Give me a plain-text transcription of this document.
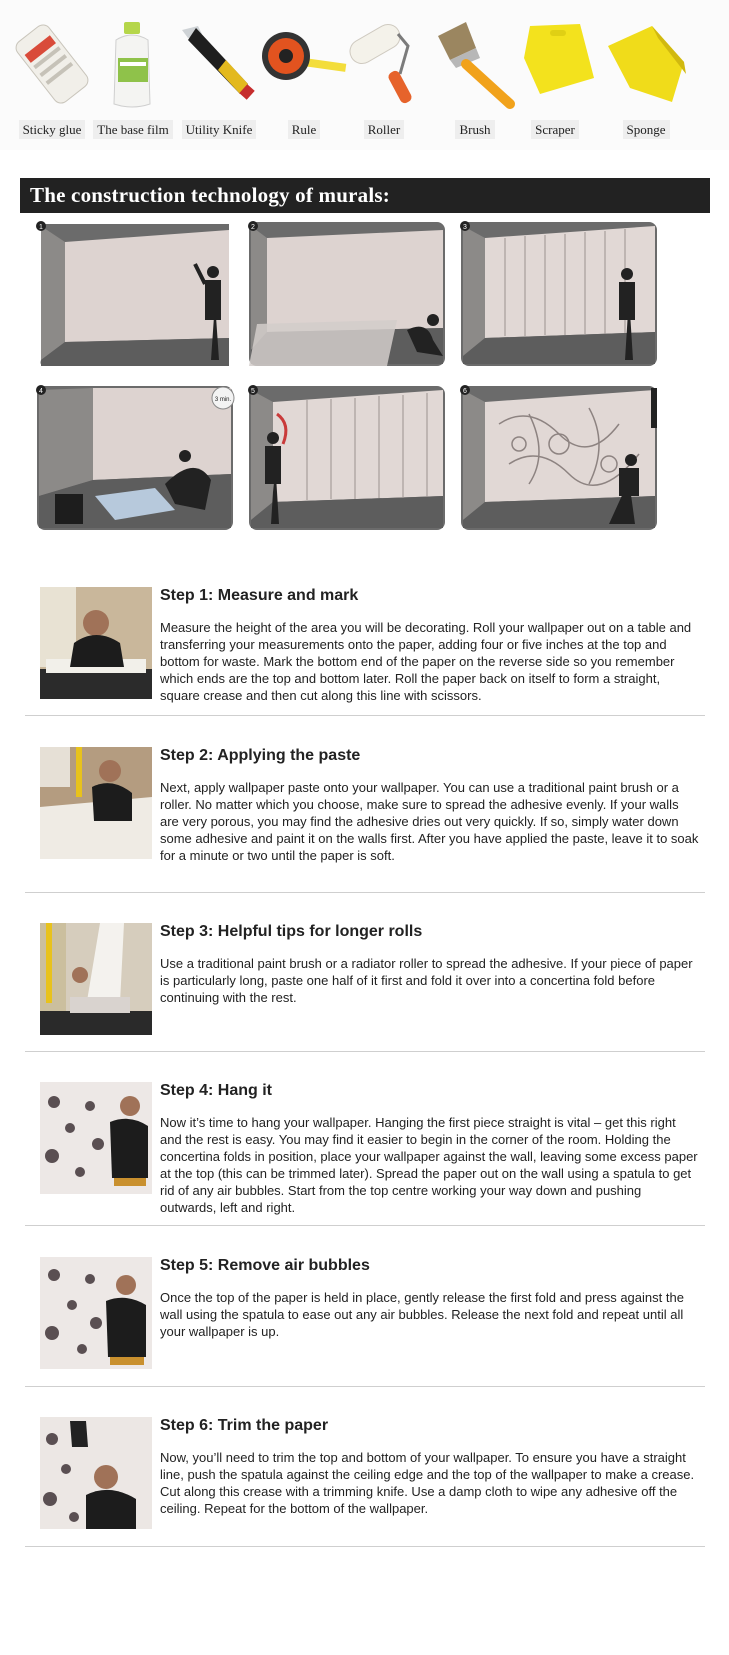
Sticky glue	The base film	Utility Knife	Rule	Roller	Brush	Scraper	Sponge
The construction technology of murals:
1	2	3
3 min.
4	5	6
Step 1: Measure and mark
Measure the height of the area you will be decorating. Roll your wallpaper out on a table and transferring your measurements onto the paper, adding four or five inches at the top and bottom for waste. Mark the bottom end of the paper on the reverse side so you remember which ends are the top and bottom later. Roll the paper back on itself to form a straight, square crease and then cut along this line with scissors.
Step 2: Applying the paste
Next, apply wallpaper paste onto your wallpaper. You can use a traditional paint brush or a roller. No matter which you choose, make sure to spread the adhesive evenly. If your walls are very porous, you may find the adhesive dries out very quickly. If so, simply water down some adhesive and paint it on the walls first. After you have applied the paste, leave it to soak for a minute or two until the paper is soft.
Step 3: Helpful tips for longer rolls
Use a traditional paint brush or a radiator roller to spread the adhesive. If your piece of paper is particularly long, paste one half of it first and fold it over into a concertina fold before continuing with the rest.
Step 4: Hang it
Now it’s time to hang your wallpaper. Hanging the first piece straight is vital – get this right and the rest is easy. You may find it easier to begin in the corner of the room. Holding the concertina folds in position, place your wallpaper against the wall, leaving some excess paper at the top (this can be trimmed later). Spread the paper out on the wall using a spatula to get rid of any air bubbles. Start from the top centre working your way down and pushing outwards, left and right.
Step 5: Remove air bubbles
Once the top of the paper is held in place, gently release the first fold and press against the wall using the spatula to ease out any air bubbles. Release the next fold and repeat until all your wallpaper is up.
Step 6: Trim the paper
Now, you’ll need to trim the top and bottom of your wallpaper. To ensure you have a straight line, push the spatula against the ceiling edge and the top of the wallpaper to make a crease. Cut along this crease with a trimming knife. Use a damp cloth to wipe any adhesive off the ceiling. Repeat for the bottom of the wallpaper.
